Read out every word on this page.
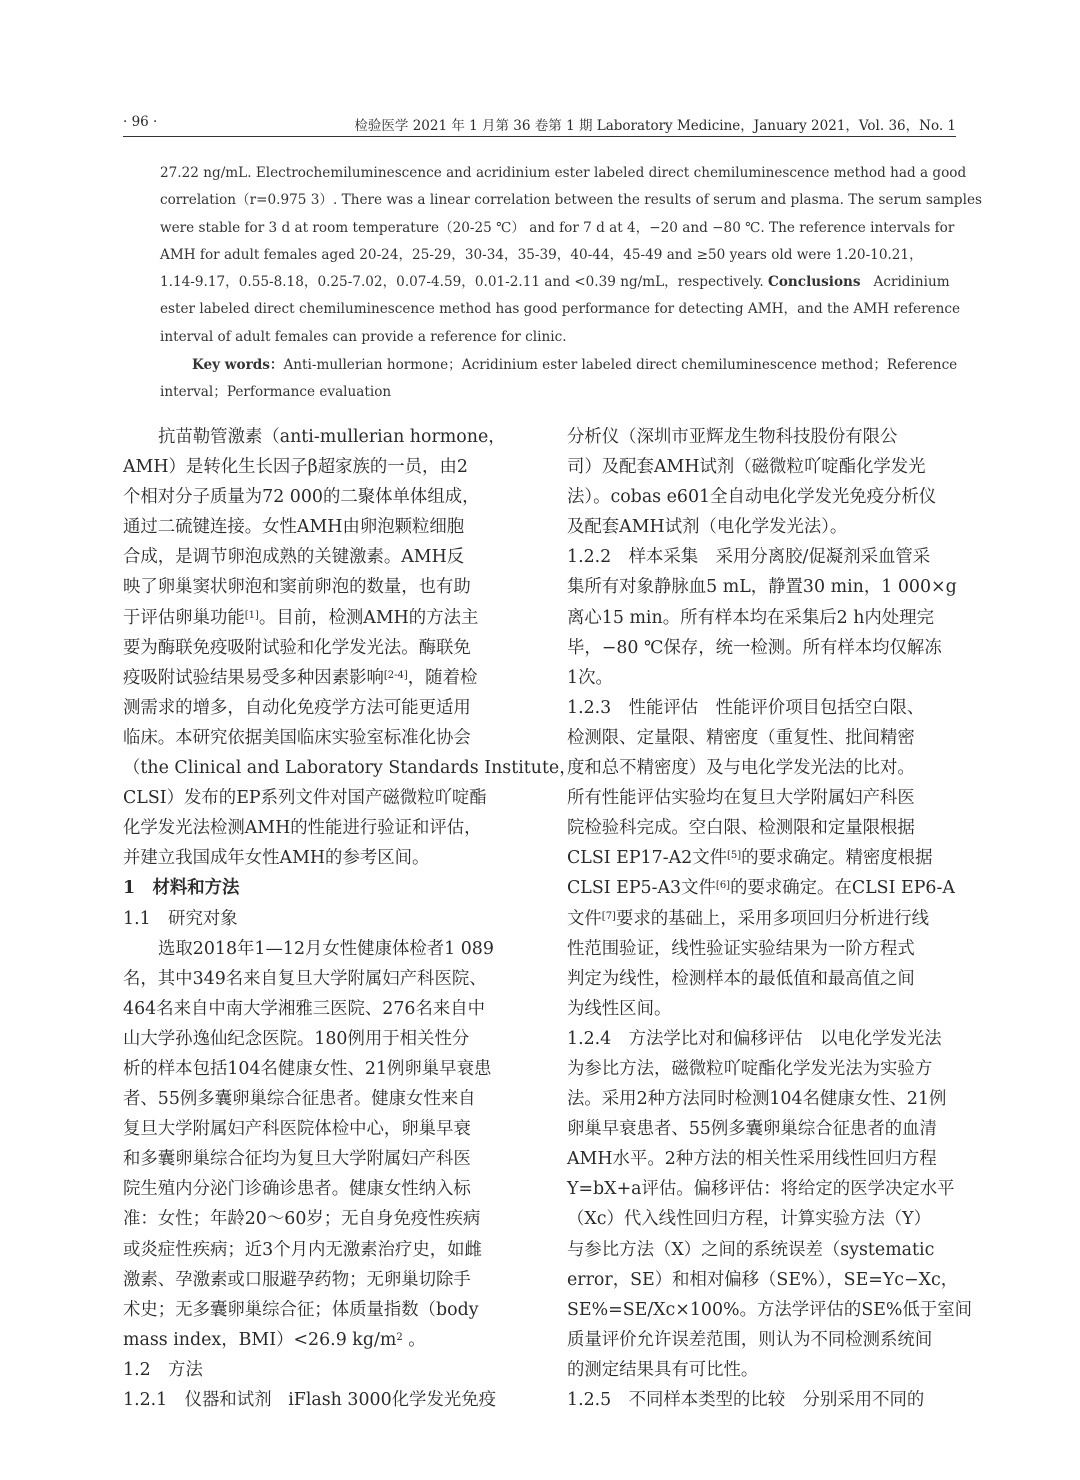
· 96 ·	检验医学 2021 年 1 月第 36 卷第 1 期 Laboratory Medicine，January 2021，Vol. 36，No. 1
27.22 ng/mL. Electrochemiluminescence and acridinium ester labeled direct chemiluminescence method had a good
correlation（r=0.975 3）. There was a linear correlation between the results of serum and plasma. The serum samples
were stable for 3 d at room temperature（20-25 ℃） and for 7 d at 4，−20 and −80 ℃. The reference intervals for
AMH for adult females aged 20-24，25-29，30-34，35-39，40-44，45-49 and ≥50 years old were 1.20-10.21，
1.14-9.17，0.55-8.18，0.25-7.02，0.07-4.59，0.01-2.11 and <0.39 ng/mL，respectively. Conclusions Acridinium
ester labeled direct chemiluminescence method has good performance for detecting AMH，and the AMH reference
interval of adult females can provide a reference for clinic.
Key words：Anti-mullerian hormone；Acridinium ester labeled direct chemiluminescence method；Reference
interval；Performance evaluation
抗苗勒管激素（anti-mullerian hormone，
AMH）是转化生长因子β超家族的一员，由2
个相对分子质量为72 000的二聚体单体组成，
通过二硫键连接。女性AMH由卵泡颗粒细胞
合成，是调节卵泡成熟的关键激素。AMH反
映了卵巢窦状卵泡和窦前卵泡的数量，也有助
于评估卵巢功能[1]。目前，检测AMH的方法主
要为酶联免疫吸附试验和化学发光法。酶联免
疫吸附试验结果易受多种因素影响[2-4]，随着检
测需求的增多，自动化免疫学方法可能更适用
临床。本研究依据美国临床实验室标准化协会
（the Clinical and Laboratory Standards Institute，
CLSI）发布的EP系列文件对国产磁微粒吖啶酯
化学发光法检测AMH的性能进行验证和评估，
并建立我国成年女性AMH的参考区间。
1　材料和方法
1.1　研究对象
选取2018年1—12月女性健康体检者1 089
名，其中349名来自复旦大学附属妇产科医院、
464名来自中南大学湘雅三医院、276名来自中
山大学孙逸仙纪念医院。180例用于相关性分
析的样本包括104名健康女性、21例卵巢早衰患
者、55例多囊卵巢综合征患者。健康女性来自
复旦大学附属妇产科医院体检中心，卵巢早衰
和多囊卵巢综合征均为复旦大学附属妇产科医
院生殖内分泌门诊确诊患者。健康女性纳入标
准：女性；年龄20～60岁；无自身免疫性疾病
或炎症性疾病；近3个月内无激素治疗史，如雌
激素、孕激素或口服避孕药物；无卵巢切除手
术史；无多囊卵巢综合征；体质量指数（body
mass index，BMI）<26.9 $kg/m^2$ 。
1.2　方法
1.2.1　仪器和试剂 iFlash 3000化学发光免疫
分析仪（深圳市亚辉龙生物科技股份有限公
司）及配套AMH试剂（磁微粒吖啶酯化学发光
法）。cobas e601全自动电化学发光免疫分析仪
及配套AMH试剂（电化学发光法）。
1.2.2　样本采集　采用分离胶/促凝剂采血管采
集所有对象静脉血5 mL，静置30 min，1 000×g
离心15 min。所有样本均在采集后2 h内处理完
毕，−80 ℃保存，统一检测。所有样本均仅解冻
1次。
1.2.3　性能评估　性能评价项目包括空白限、
检测限、定量限、精密度（重复性、批间精密
度和总不精密度）及与电化学发光法的比对。
所有性能评估实验均在复旦大学附属妇产科医
院检验科完成。空白限、检测限和定量限根据
CLSI EP17-A2文件[5]的要求确定。精密度根据
CLSI EP5-A3文件[6]的要求确定。在CLSI EP6-A
文件[7]要求的基础上，采用多项回归分析进行线
性范围验证，线性验证实验结果为一阶方程式
判定为线性，检测样本的最低值和最高值之间
为线性区间。
1.2.4　方法学比对和偏移评估　以电化学发光法
为参比方法，磁微粒吖啶酯化学发光法为实验方
法。采用2种方法同时检测104名健康女性、21例
卵巢早衰患者、55例多囊卵巢综合征患者的血清
AMH水平。2种方法的相关性采用线性回归方程
Y=bX+a评估。偏移评估：将给定的医学决定水平
（Xc）代入线性回归方程，计算实验方法（Y）
与参比方法（X）之间的系统误差（systematic
error，SE）和相对偏移（SE%），SE=Yc−Xc，
SE%=SE/Xc×100%。方法学评估的SE%低于室间
质量评价允许误差范围，则认为不同检测系统间
的测定结果具有可比性。
1.2.5　不同样本类型的比较　分别采用不同的
